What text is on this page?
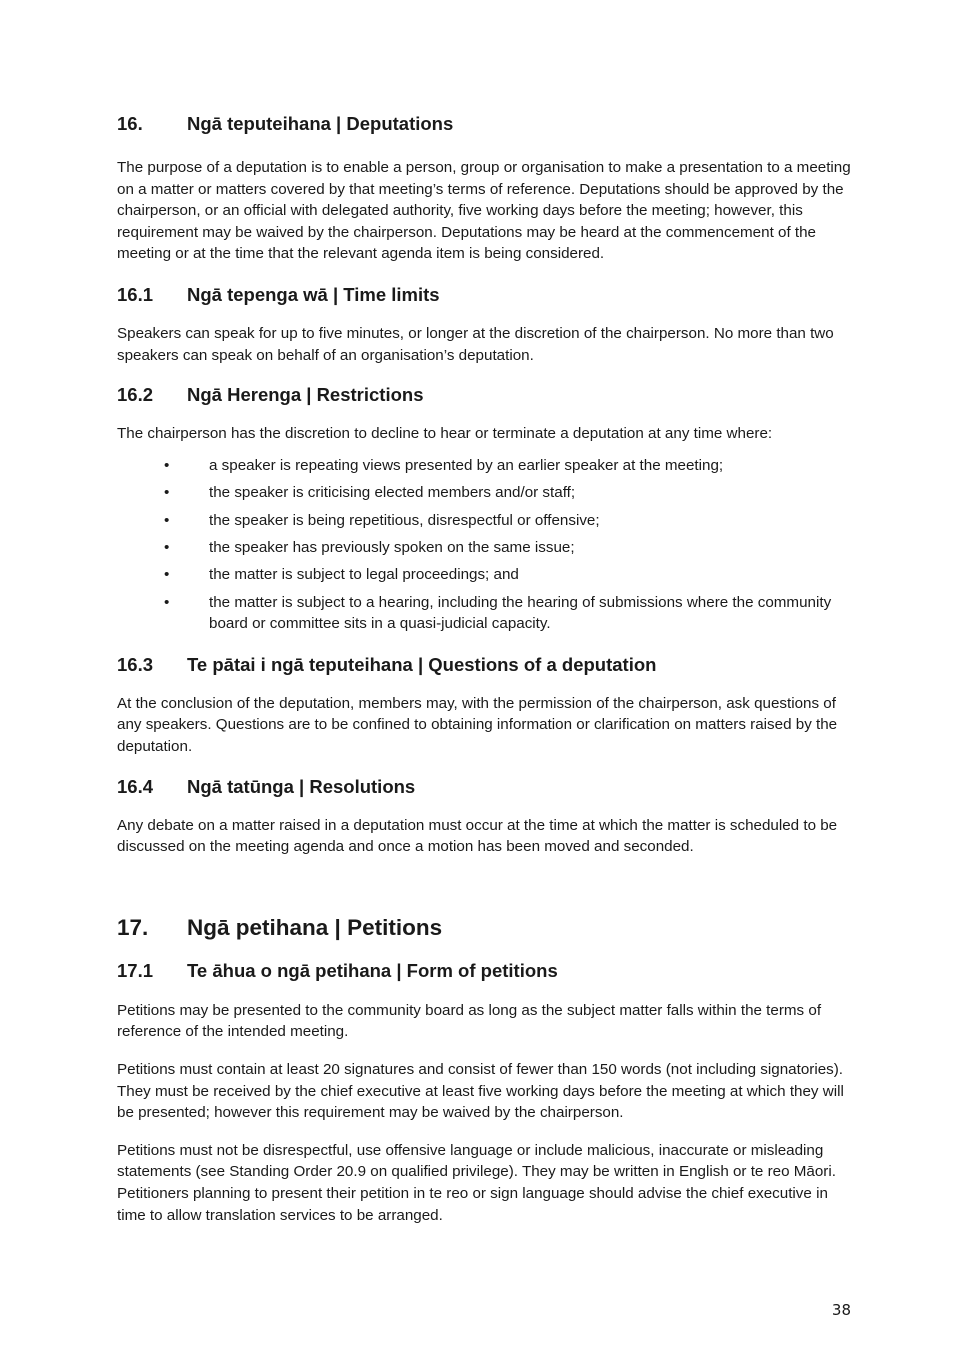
16.	Ngā teputeihana | Deputations

The purpose of a deputation is to enable a person, group or organisation to make a presentation to a meeting on a matter or matters covered by that meeting’s terms of reference. Deputations should be approved by the chairperson, or an official with delegated authority, five working days before the meeting; however, this requirement may be waived by the chairperson. Deputations may be heard at the commencement of the meeting or at the time that the relevant agenda item is being considered.

16.1	Ngā tepenga wā | Time limits

Speakers can speak for up to five minutes, or longer at the discretion of the chairperson. No more than two speakers can speak on behalf of an organisation’s deputation.

16.2	Ngā Herenga | Restrictions

The chairperson has the discretion to decline to hear or terminate a deputation at any time where:

•	a speaker is repeating views presented by an earlier speaker at the meeting;
•	the speaker is criticising elected members and/or staff;
•	the speaker is being repetitious, disrespectful or offensive;
•	the speaker has previously spoken on the same issue;
•	the matter is subject to legal proceedings; and
•	the matter is subject to a hearing, including the hearing of submissions where the community board or committee sits in a quasi-judicial capacity.
16.3	Te pātai i ngā teputeihana | Questions of a deputation

At the conclusion of the deputation, members may, with the permission of the chairperson, ask questions of any speakers. Questions are to be confined to obtaining information or clarification on matters raised by the deputation.

16.4	Ngā tatūnga | Resolutions

Any debate on a matter raised in a deputation must occur at the time at which the matter is scheduled to be discussed on the meeting agenda and once a motion has been moved and seconded.

17.	Ngā petihana | Petitions
17.1	Te āhua o ngā petihana | Form of petitions

Petitions may be presented to the community board as long as the subject matter falls within the terms of reference of the intended meeting.

Petitions must contain at least 20 signatures and consist of fewer than 150 words (not including signatories). They must be received by the chief executive at least five working days before the meeting at which they will be presented; however this requirement may be waived by the chairperson.

Petitions must not be disrespectful, use offensive language or include malicious, inaccurate or misleading statements (see Standing Order 20.9 on qualified privilege). They may be written in English or te reo Māori. Petitioners planning to present their petition in te reo or sign language should advise the chief executive in time to allow translation services to be arranged.

38
